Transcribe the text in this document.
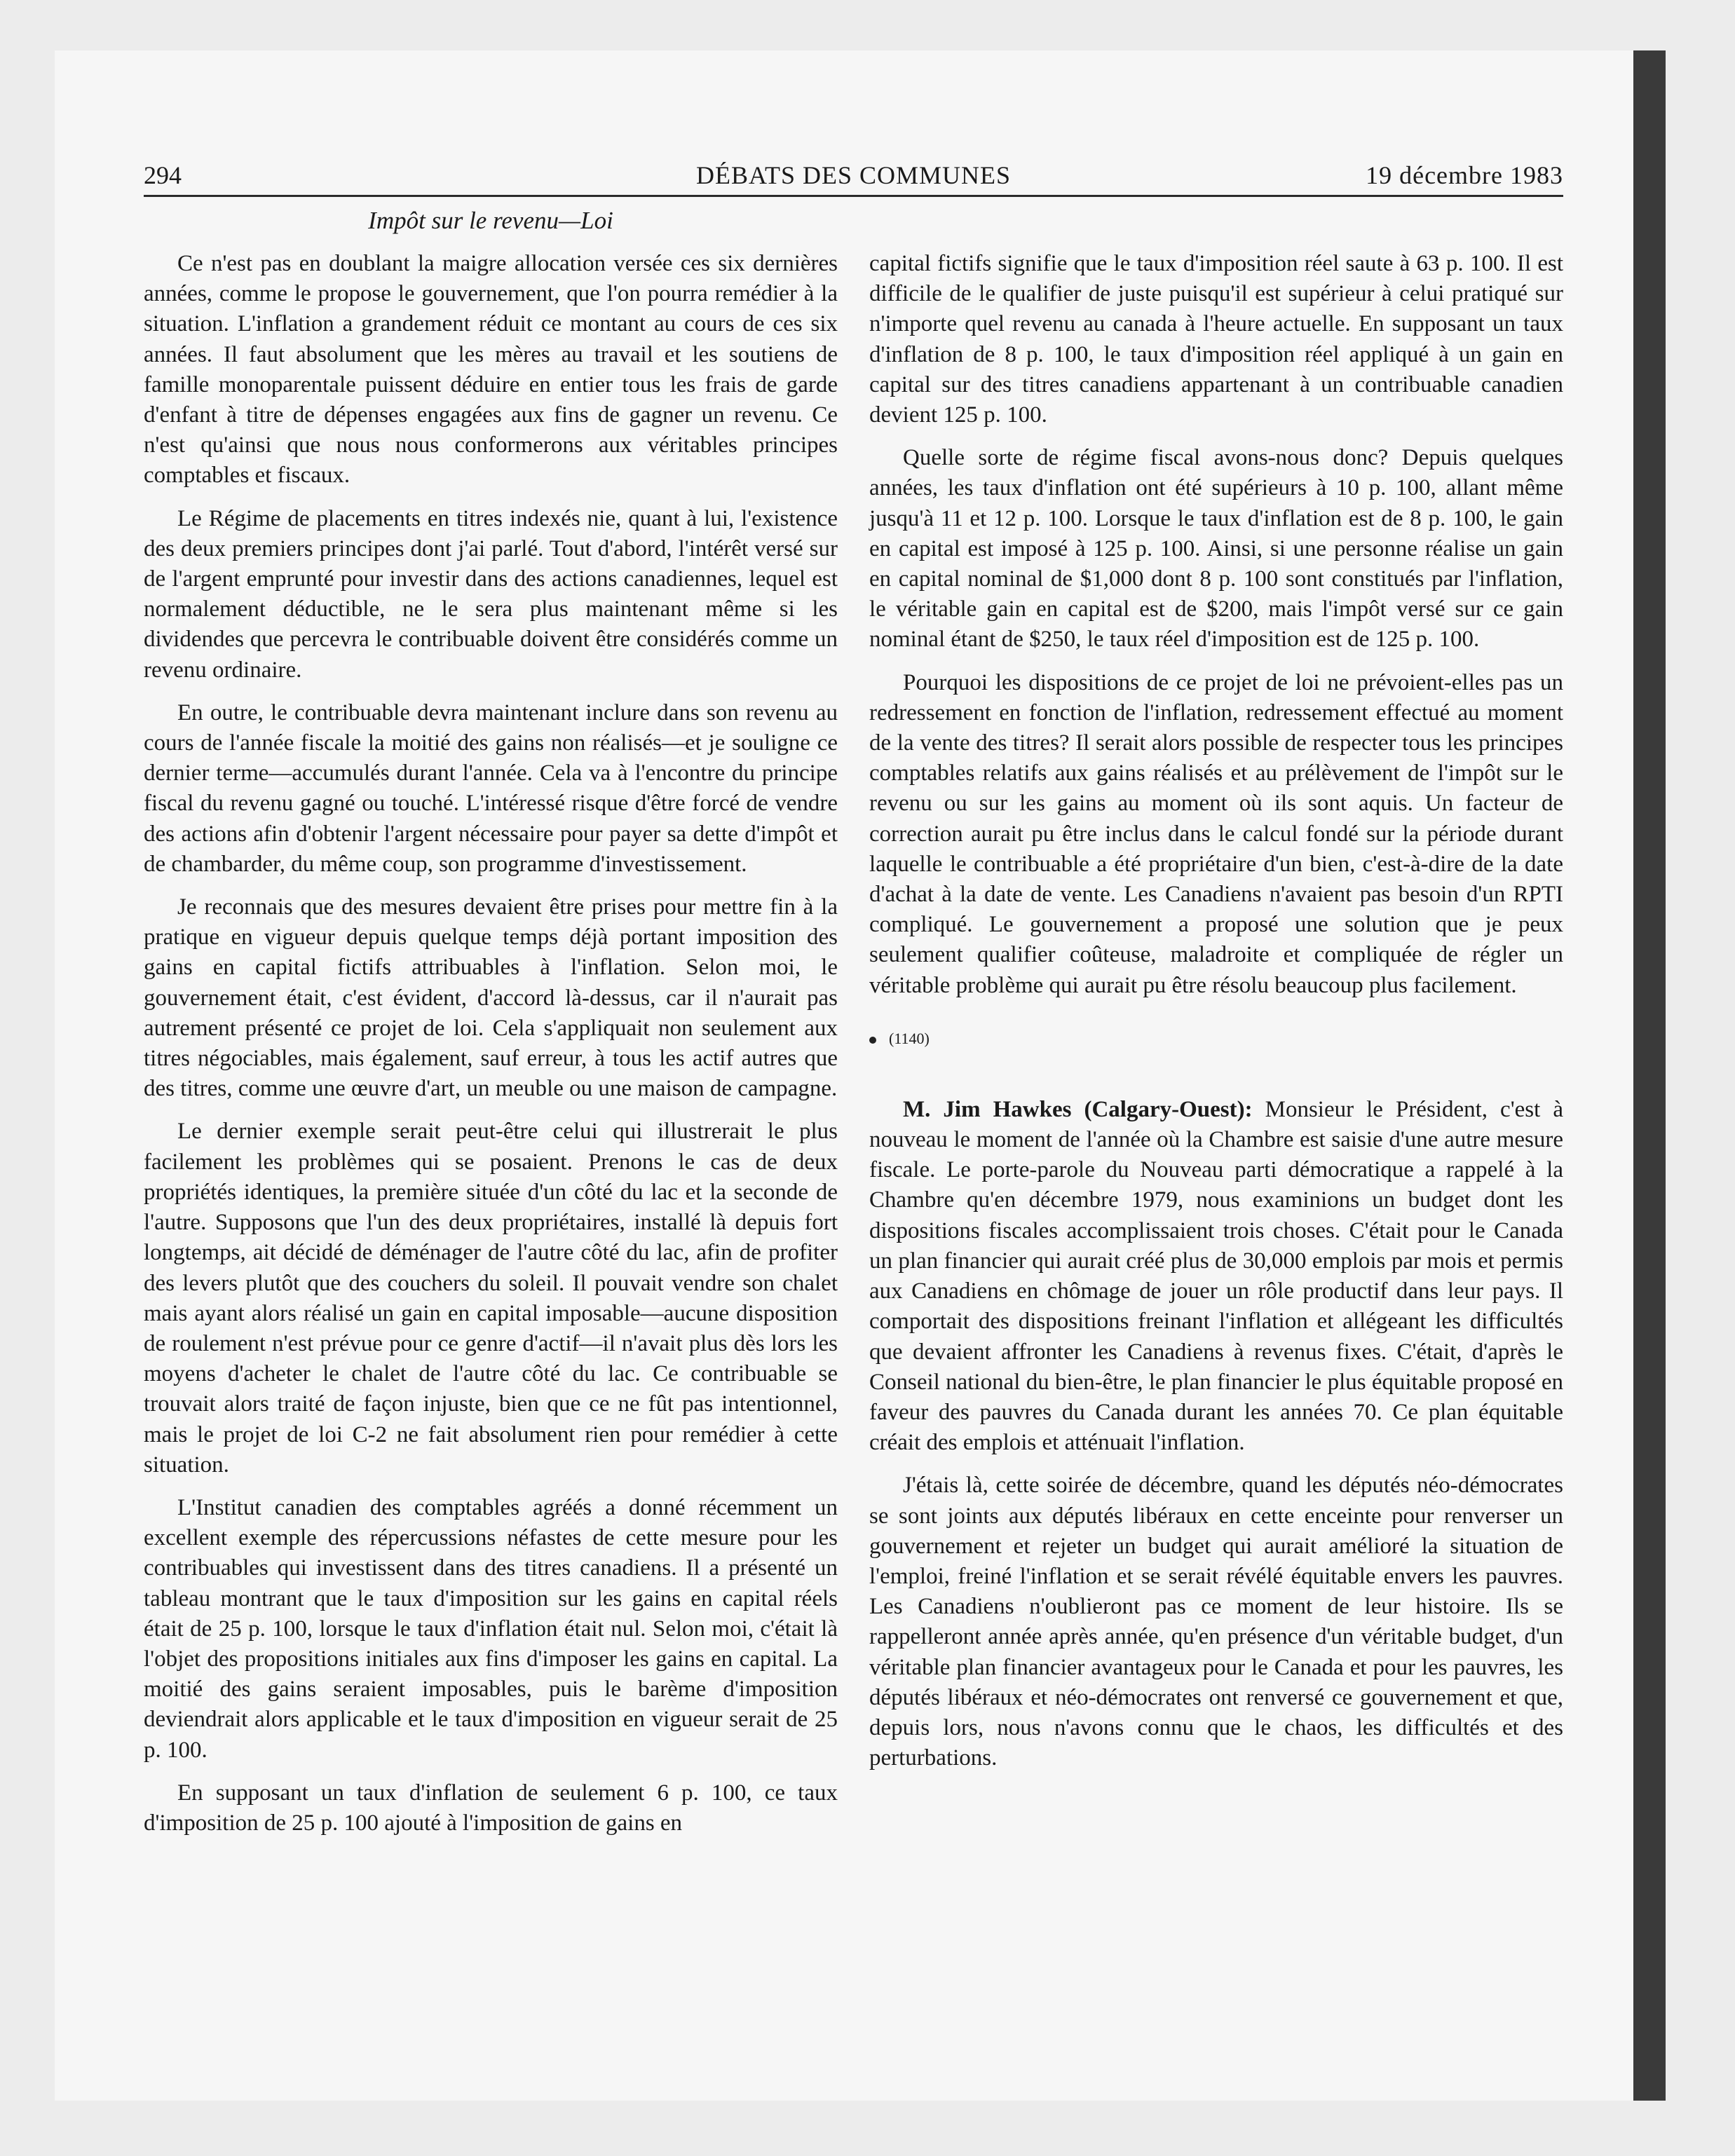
294	DÉBATS DES COMMUNES	19 décembre 1983
Impôt sur le revenu—Loi

Ce n'est pas en doublant la maigre allocation versée ces six dernières années, comme le propose le gouvernement, que l'on pourra remédier à la situation. L'inflation a grandement réduit ce montant au cours de ces six années. Il faut absolument que les mères au travail et les soutiens de famille monoparentale puissent déduire en entier tous les frais de garde d'enfant à titre de dépenses engagées aux fins de gagner un revenu. Ce n'est qu'ainsi que nous nous conformerons aux véritables principes comptables et fiscaux.

Le Régime de placements en titres indexés nie, quant à lui, l'existence des deux premiers principes dont j'ai parlé. Tout d'abord, l'intérêt versé sur de l'argent emprunté pour investir dans des actions canadiennes, lequel est normalement déductible, ne le sera plus maintenant même si les dividendes que percevra le contribuable doivent être considérés comme un revenu ordinaire.

En outre, le contribuable devra maintenant inclure dans son revenu au cours de l'année fiscale la moitié des gains non réalisés—et je souligne ce dernier terme—accumulés durant l'année. Cela va à l'encontre du principe fiscal du revenu gagné ou touché. L'intéressé risque d'être forcé de vendre des actions afin d'obtenir l'argent nécessaire pour payer sa dette d'impôt et de chambarder, du même coup, son programme d'investissement.

Je reconnais que des mesures devaient être prises pour mettre fin à la pratique en vigueur depuis quelque temps déjà portant imposition des gains en capital fictifs attribuables à l'inflation. Selon moi, le gouvernement était, c'est évident, d'accord là-dessus, car il n'aurait pas autrement présenté ce projet de loi. Cela s'appliquait non seulement aux titres négociables, mais également, sauf erreur, à tous les actif autres que des titres, comme une œuvre d'art, un meuble ou une maison de campagne.

Le dernier exemple serait peut-être celui qui illustrerait le plus facilement les problèmes qui se posaient. Prenons le cas de deux propriétés identiques, la première située d'un côté du lac et la seconde de l'autre. Supposons que l'un des deux propriétaires, installé là depuis fort longtemps, ait décidé de déménager de l'autre côté du lac, afin de profiter des levers plutôt que des couchers du soleil. Il pouvait vendre son chalet mais ayant alors réalisé un gain en capital imposable—aucune disposition de roulement n'est prévue pour ce genre d'actif—il n'avait plus dès lors les moyens d'acheter le chalet de l'autre côté du lac. Ce contribuable se trouvait alors traité de façon injuste, bien que ce ne fût pas intentionnel, mais le projet de loi C-2 ne fait absolument rien pour remédier à cette situation.

L'Institut canadien des comptables agréés a donné récemment un excellent exemple des répercussions néfastes de cette mesure pour les contribuables qui investissent dans des titres canadiens. Il a présenté un tableau montrant que le taux d'imposition sur les gains en capital réels était de 25 p. 100, lorsque le taux d'inflation était nul. Selon moi, c'était là l'objet des propositions initiales aux fins d'imposer les gains en capital. La moitié des gains seraient imposables, puis le barème d'imposition deviendrait alors applicable et le taux d'imposition en vigueur serait de 25 p. 100.

En supposant un taux d'inflation de seulement 6 p. 100, ce taux d'imposition de 25 p. 100 ajouté à l'imposition de gains en

capital fictifs signifie que le taux d'imposition réel saute à 63 p. 100. Il est difficile de le qualifier de juste puisqu'il est supérieur à celui pratiqué sur n'importe quel revenu au canada à l'heure actuelle. En supposant un taux d'inflation de 8 p. 100, le taux d'imposition réel appliqué à un gain en capital sur des titres canadiens appartenant à un contribuable canadien devient 125 p. 100.

Quelle sorte de régime fiscal avons-nous donc? Depuis quelques années, les taux d'inflation ont été supérieurs à 10 p. 100, allant même jusqu'à 11 et 12 p. 100. Lorsque le taux d'inflation est de 8 p. 100, le gain en capital est imposé à 125 p. 100. Ainsi, si une personne réalise un gain en capital nominal de $1,000 dont 8 p. 100 sont constitués par l'inflation, le véritable gain en capital est de $200, mais l'impôt versé sur ce gain nominal étant de $250, le taux réel d'imposition est de 125 p. 100.

Pourquoi les dispositions de ce projet de loi ne prévoient-elles pas un redressement en fonction de l'inflation, redressement effectué au moment de la vente des titres? Il serait alors possible de respecter tous les principes comptables relatifs aux gains réalisés et au prélèvement de l'impôt sur le revenu ou sur les gains au moment où ils sont aquis. Un facteur de correction aurait pu être inclus dans le calcul fondé sur la période durant laquelle le contribuable a été propriétaire d'un bien, c'est-à-dire de la date d'achat à la date de vente. Les Canadiens n'avaient pas besoin d'un RPTI compliqué. Le gouvernement a proposé une solution que je peux seulement qualifier coûteuse, maladroite et compliquée de régler un véritable problème qui aurait pu être résolu beaucoup plus facilement.

(1140)

M. Jim Hawkes (Calgary-Ouest): Monsieur le Président, c'est à nouveau le moment de l'année où la Chambre est saisie d'une autre mesure fiscale. Le porte-parole du Nouveau parti démocratique a rappelé à la Chambre qu'en décembre 1979, nous examinions un budget dont les dispositions fiscales accomplissaient trois choses. C'était pour le Canada un plan financier qui aurait créé plus de 30,000 emplois par mois et permis aux Canadiens en chômage de jouer un rôle productif dans leur pays. Il comportait des dispositions freinant l'inflation et allégeant les difficultés que devaient affronter les Canadiens à revenus fixes. C'était, d'après le Conseil national du bien-être, le plan financier le plus équitable proposé en faveur des pauvres du Canada durant les années 70. Ce plan équitable créait des emplois et atténuait l'inflation.

J'étais là, cette soirée de décembre, quand les députés néo-démocrates se sont joints aux députés libéraux en cette enceinte pour renverser un gouvernement et rejeter un budget qui aurait amélioré la situation de l'emploi, freiné l'inflation et se serait révélé équitable envers les pauvres. Les Canadiens n'oublieront pas ce moment de leur histoire. Ils se rappelleront année après année, qu'en présence d'un véritable budget, d'un véritable plan financier avantageux pour le Canada et pour les pauvres, les députés libéraux et néo-démocrates ont renversé ce gouvernement et que, depuis lors, nous n'avons connu que le chaos, les difficultés et des perturbations.
